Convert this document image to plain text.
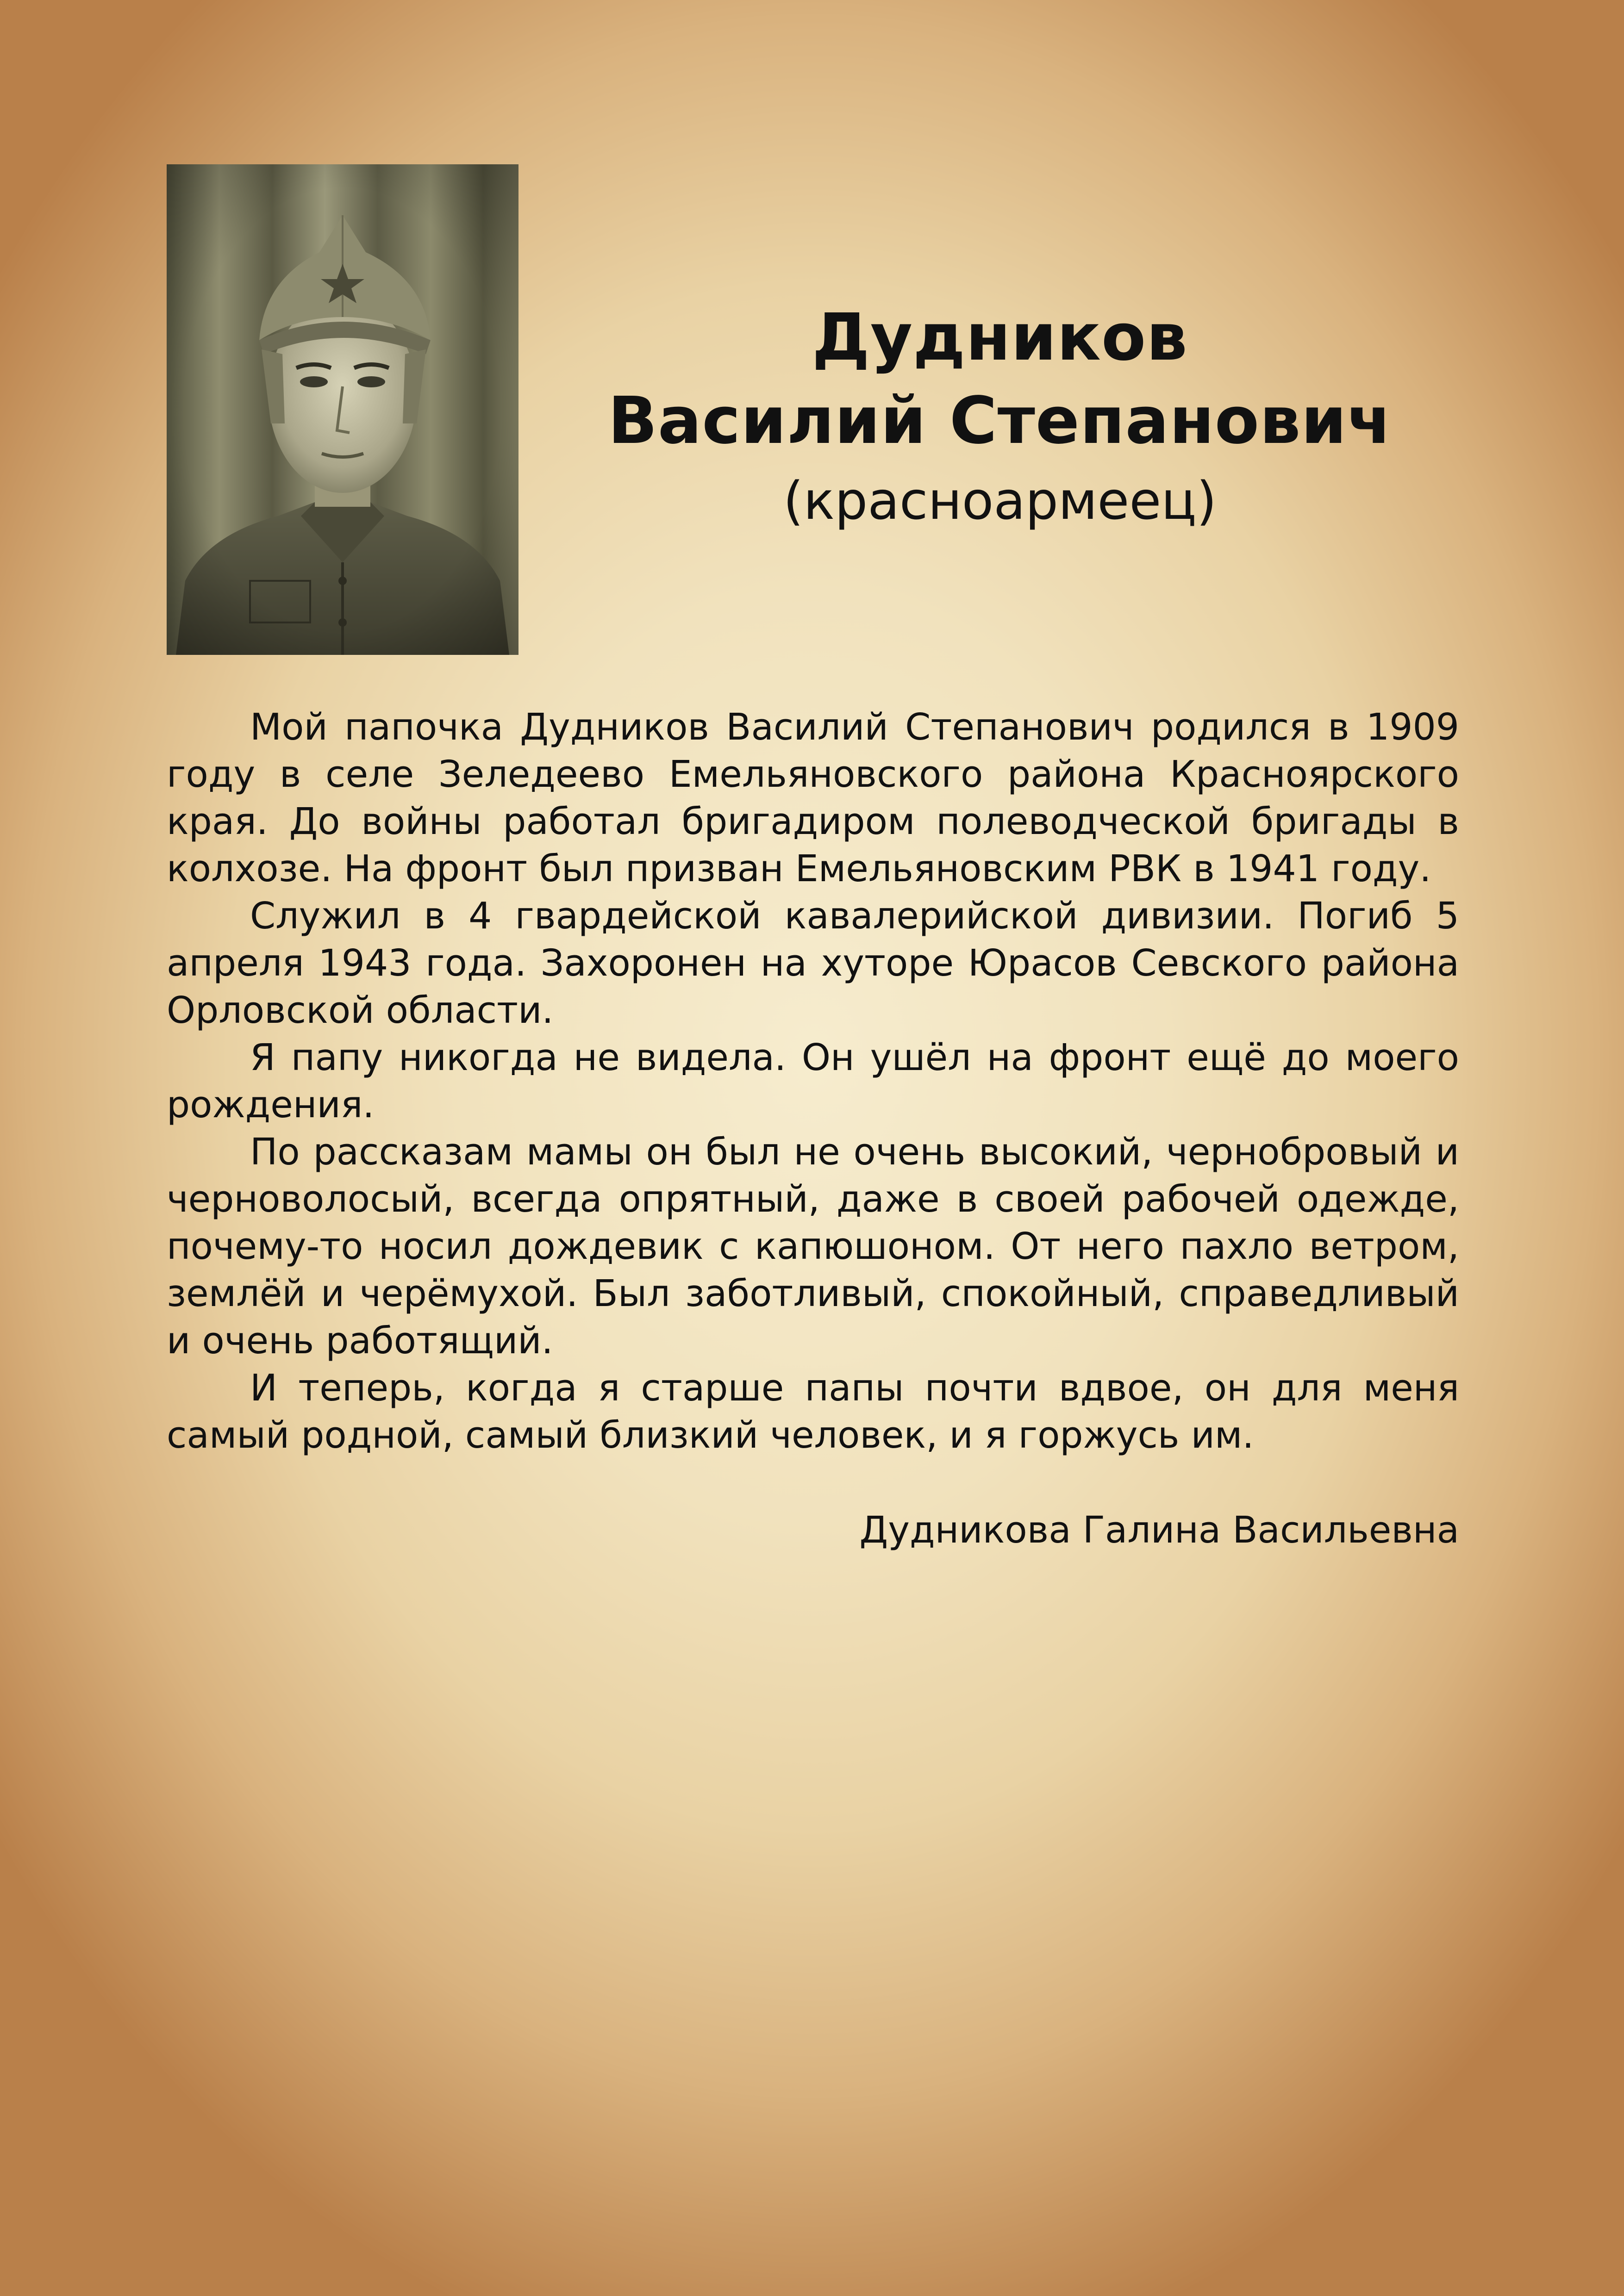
Дудников
Василий Степанович
(красноармеец)

Мой папочка Дудников Василий Степанович родился в 1909 году в селе Зеледеево Емельяновского района Красноярского края. До войны работал бригадиром полеводческой бригады в колхозе. На фронт был призван Емельяновским РВК в 1941 году.

Служил в 4 гвардейской кавалерийской дивизии. Погиб 5 апреля 1943 года. Захоронен на хуторе Юрасов Севского района Орловской области.

Я папу никогда не видела. Он ушёл на фронт ещё до моего рождения.

По рассказам мамы он был не очень высокий, чернобровый и черноволосый, всегда опрятный, даже в своей рабочей одежде, почему-то носил дождевик с капюшоном. От него пахло ветром, землёй и черёмухой. Был заботливый, спокойный, справедливый и очень работящий.

И теперь, когда я старше папы почти вдвое, он для меня самый родной, самый близкий человек, и я горжусь им.

Дудникова Галина Васильевна
